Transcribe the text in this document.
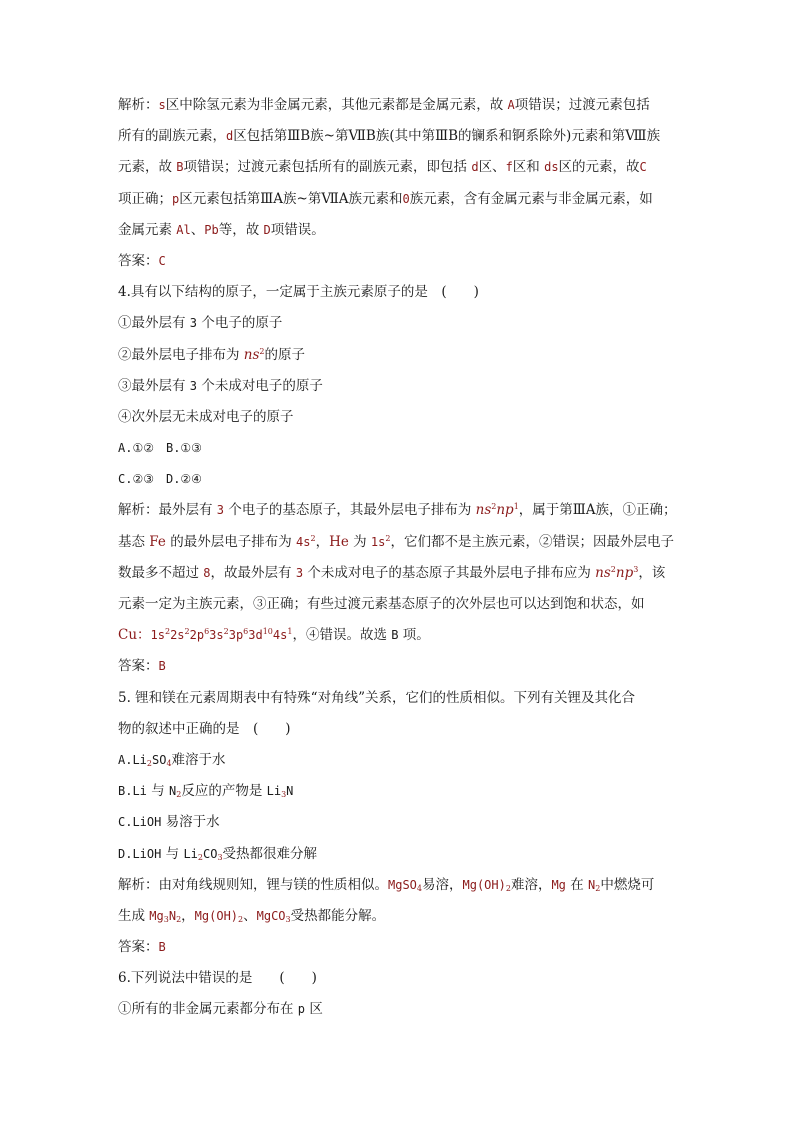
解析：s区中除氢元素为非金属元素，其他元素都是金属元素，故 A项错误；过渡元素包括
所有的副族元素，d区包括第ⅢB族~第ⅦB族(其中第ⅢB的镧系和锕系除外)元素和第Ⅷ族
元素，故 B项错误；过渡元素包括所有的副族元素，即包括 d区、f区和 ds区的元素，故C
项正确；p区元素包括第ⅢA族~第ⅦA族元素和0族元素，含有金属元素与非金属元素，如
金属元素 Al、Pb等，故 D项错误。
答案：C
4.具有以下结构的原子，一定属于主族元素原子的是　(　　)
①最外层有 3 个电子的原子
②最外层电子排布为 $ns^2$的原子
③最外层有 3 个未成对电子的原子
④次外层无未成对电子的原子
A.①②　B.①③
C.②③　D.②④
解析：最外层有 3 个电子的基态原子，其最外层电子排布为 $ns^2np^1$，属于第ⅢA族，①正确；
基态 Fe 的最外层电子排布为 $4s^2$，He 为 $1s^2$，它们都不是主族元素，②错误；因最外层电子
数最多不超过 8，故最外层有 3 个未成对电子的基态原子其最外层电子排布应为 $ns^2np^3$，该
元素一定为主族元素，③正确；有些过渡元素基态原子的次外层也可以达到饱和状态，如
Cu：$1s^22s^22p^63s^23p^63d^{10}4s^1$，④错误。故选 B 项。
答案：B
5. 锂和镁在元素周期表中有特殊“对角线”关系，它们的性质相似。下列有关锂及其化合
物的叙述中正确的是　(　　)
$A.Li_2SO_4$难溶于水
B.Li 与 $N_2$反应的产物是 $Li_3N$
C.LiOH 易溶于水
D.LiOH 与 $Li_2CO_3$受热都很难分解
解析：由对角线规则知，锂与镁的性质相似。MgSO$_4$易溶，$Mg(OH)_2$难溶，Mg 在 $N_2$中燃烧可
生成 $Mg_3N_2$，$Mg(OH)_2$、MgCO$_3$受热都能分解。
答案：B
6.下列说法中错误的是　　(　　)
①所有的非金属元素都分布在 p 区
